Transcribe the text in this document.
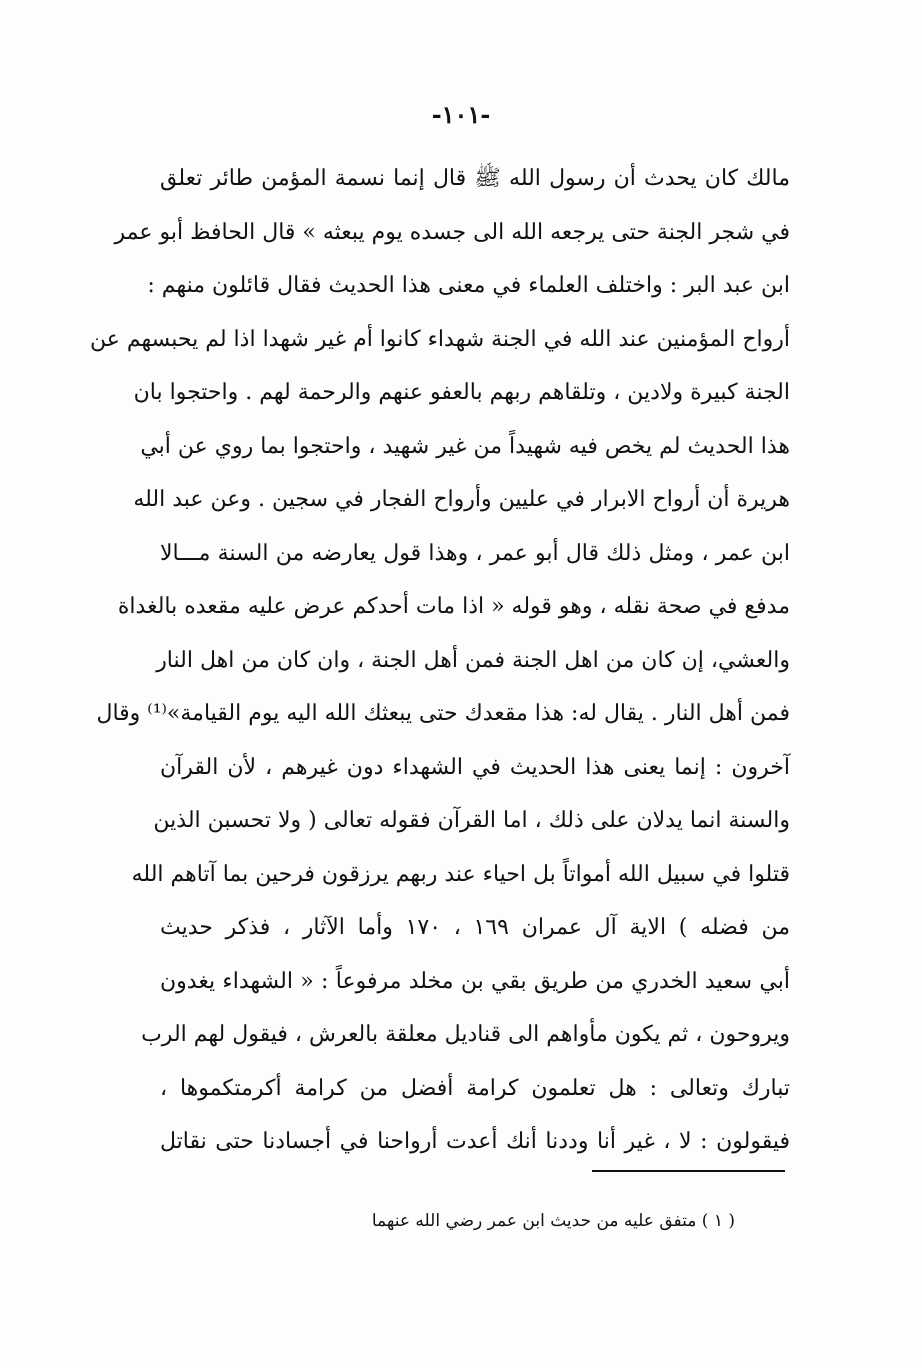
-١٠١-
مالك كان يحدث أن رسول الله ﷺ قال إنما نسمة المؤمن طائر تعلق
في شجر الجنة حتى يرجعه الله الى جسده يوم يبعثه » قال الحافظ أبو عمر
ابن عبد البر : واختلف العلماء في معنى هذا الحديث فقال قائلون منهم :
أرواح المؤمنين عند الله في الجنة شهداء كانوا أم غير شهدا اذا لم يحبسهم عن
الجنة كبيرة ولادين ، وتلقاهم ربهم بالعفو عنهم والرحمة لهم . واحتجوا بان
هذا الحديث لم يخص فيه شهيداً من غير شهيد ، واحتجوا بما روي عن أبي
هريرة أن أرواح الابرار في عليين وأرواح الفجار في سجين . وعن عبد الله
ابن عمر ، ومثل ذلك قال أبو عمر ، وهذا قول يعارضه من السنة مـــالا
مدفع في صحة نقله ، وهو قوله « اذا مات أحدكم عرض عليه مقعده بالغداة
والعشي، إن كان من اهل الجنة فمن أهل الجنة ، وان كان من اهل النار
فمن أهل النار . يقال له: هذا مقعدك حتى يبعثك الله اليه يوم القيامة»⁽¹⁾ وقال
آخرون : إنما يعنى هذا الحديث في الشهداء دون غيرهم ، لأن القرآن
والسنة انما يدلان على ذلك ، اما القرآن فقوله تعالى ( ولا تحسبن الذين
قتلوا في سبيل الله أمواتاً بل احياء عند ربهم يرزقون فرحين بما آتاهم الله
من فضله ) الاية آل عمران ١٦٩ ، ١٧٠ وأما الآثار ، فذكر حديث
أبي سعيد الخدري من طريق بقي بن مخلد مرفوعاً : « الشهداء يغدون
ويروحون ، ثم يكون مأواهم الى قناديل معلقة بالعرش ، فيقول لهم الرب
تبارك وتعالى : هل تعلمون كرامة أفضل من كرامة أكرمتكموها ،
فيقولون : لا ، غير أنا وددنا أنك أعدت أرواحنا في أجسادنا حتى نقاتل
( ١ ) متفق عليه من حديث ابن عمر رضي الله عنهما
